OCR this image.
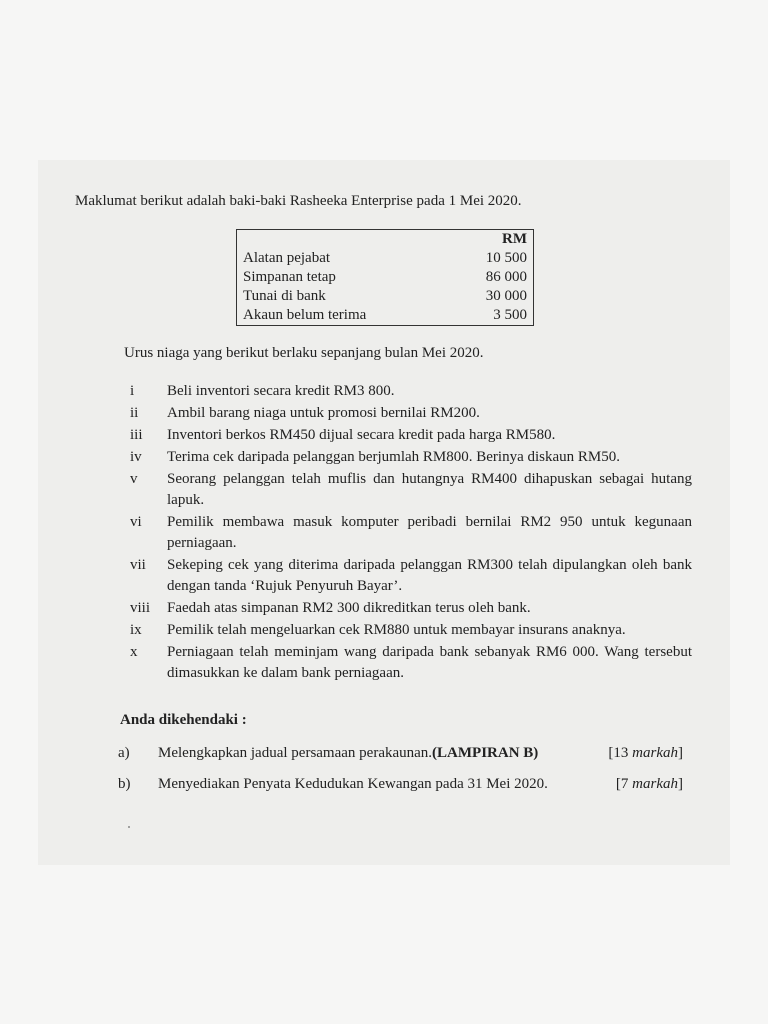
Maklumat berikut adalah baki-baki Rasheeka Enterprise pada 1 Mei 2020.
	RM
Alatan pejabat	10 500
Simpanan tetap	86 000
Tunai di bank	30 000
Akaun belum terima	3 500
Urus niaga yang berikut berlaku sepanjang bulan Mei 2020.
i	Beli inventori secara kredit RM3 800.
ii	Ambil barang niaga untuk promosi bernilai RM200.
iii	Inventori berkos RM450 dijual secara kredit pada harga RM580.
iv	Terima cek daripada pelanggan berjumlah RM800. Berinya diskaun RM50.
v	Seorang pelanggan telah muflis dan hutangnya RM400 dihapuskan sebagai hutang lapuk.
vi	Pemilik membawa masuk komputer peribadi bernilai RM2 950 untuk kegunaan perniagaan.
vii	Sekeping cek yang diterima daripada pelanggan RM300 telah dipulangkan oleh bank dengan tanda ‘Rujuk Penyuruh Bayar’.
viii	Faedah atas simpanan RM2 300 dikreditkan terus oleh bank.
ix	Pemilik telah mengeluarkan cek RM880 untuk membayar insurans anaknya.
x	Perniagaan telah meminjam wang daripada bank sebanyak RM6 000. Wang tersebut dimasukkan ke dalam bank perniagaan.
Anda dikehendaki :
a)	Melengkapkan jadual persamaan perakaunan.(LAMPIRAN B)	[13 markah]
b)	Menyediakan Penyata Kedudukan Kewangan pada 31 Mei 2020.	[7 markah]
